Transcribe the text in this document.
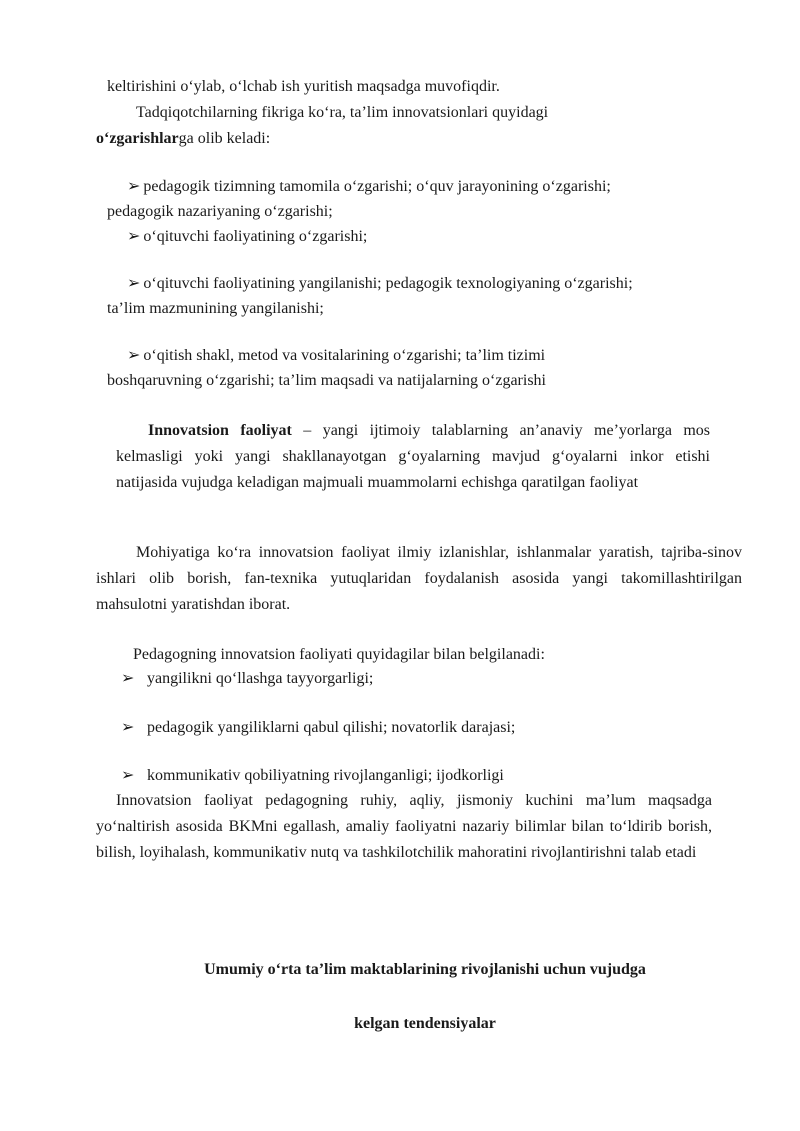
keltirishini o‘ylab, o‘lchab ish yuritish maqsadga muvofiqdir.
Tadqiqotchilarning fikriga ko‘ra, ta’lim innovatsionlari quyidagi
o‘zgarishlarga olib keladi:
➢ pedagogik tizimning tamomila o‘zgarishi; o‘quv jarayonining o‘zgarishi;
pedagogik nazariyaning o‘zgarishi;
➢ o‘qituvchi faoliyatining o‘zgarishi;
➢ o‘qituvchi faoliyatining yangilanishi; pedagogik texnologiyaning o‘zgarishi;
ta’lim mazmunining yangilanishi;
➢ o‘qitish shakl, metod va vositalarining o‘zgarishi; ta’lim tizimi
boshqaruvning o‘zgarishi; ta’lim maqsadi va natijalarning o‘zgarishi
Innovatsion faoliyat – yangi ijtimoiy talablarning an’anaviy me’yorlarga mos kelmasligi yoki yangi shakllanayotgan g‘oyalarning mavjud g‘oyalarni inkor etishi natijasida vujudga keladigan majmuali muammolarni echishga qaratilgan faoliyat
Mohiyatiga ko‘ra innovatsion faoliyat ilmiy izlanishlar, ishlanmalar yaratish, tajriba-sinov ishlari olib borish, fan-texnika yutuqlaridan foydalanish asosida yangi takomillashtirilgan mahsulotni yaratishdan iborat.
Pedagogning innovatsion faoliyati quyidagilar bilan belgilanadi:
➢ yangilikni qo‘llashga tayyorgarligi;
➢ pedagogik yangiliklarni qabul qilishi; novatorlik darajasi;
➢ kommunikativ qobiliyatning rivojlanganligi; ijodkorligi
Innovatsion faoliyat pedagogning ruhiy, aqliy, jismoniy kuchini ma’lum maqsadga yo‘naltirish asosida BKMni egallash, amaliy faoliyatni nazariy bilimlar bilan to‘ldirib borish, bilish, loyihalash, kommunikativ nutq va tashkilotchilik mahoratini rivojlantirishni talab etadi
Umumiy o‘rta ta’lim maktablarining rivojlanishi uchun vujudga
kelgan tendensiyalar
